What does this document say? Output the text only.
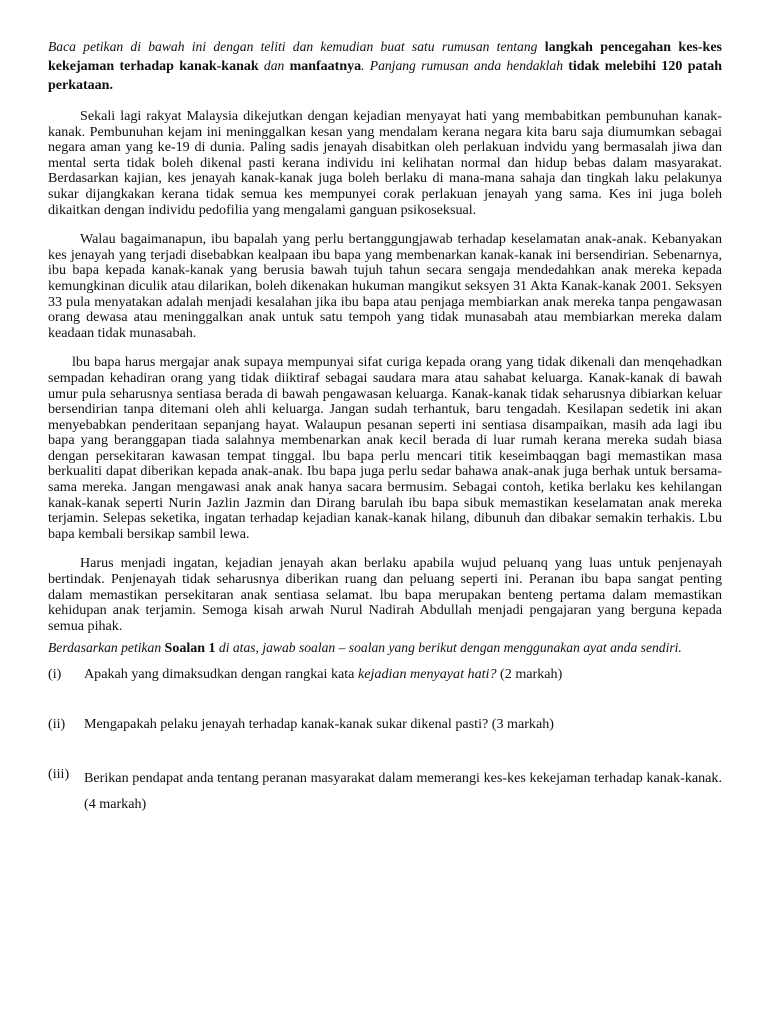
Baca petikan di bawah ini dengan teliti dan kemudian buat satu rumusan tentang langkah pencegahan kes-kes kekejaman terhadap kanak-kanak dan manfaatnya. Panjang rumusan anda hendaklah tidak melebihi 120 patah perkataan.

Sekali lagi rakyat Malaysia dikejutkan dengan kejadian menyayat hati yang membabitkan pembunuhan kanak-kanak. Pembunuhan kejam ini meninggalkan kesan yang mendalam kerana negara kita baru saja diumumkan sebagai negara aman yang ke-19 di dunia. Paling sadis jenayah disabitkan oleh perlakuan indvidu yang bermasalah jiwa dan mental serta tidak boleh dikenal pasti kerana individu ini kelihatan normal dan hidup bebas dalam masyarakat. Berdasarkan kajian, kes jenayah kanak-kanak juga boleh berlaku di mana-mana sahaja dan tingkah laku pelakunya sukar dijangkakan kerana tidak semua kes mempunyei corak perlakuan jenayah yang sama. Kes ini juga boleh dikaitkan dengan individu pedofilia yang mengalami ganguan psikoseksual.

Walau bagaimanapun, ibu bapalah yang perlu bertanggungjawab terhadap keselamatan anak-anak. Kebanyakan kes jenayah yang terjadi disebabkan kealpaan ibu bapa yang membenarkan kanak-kanak ini bersendirian. Sebenarnya, ibu bapa kepada kanak-kanak yang berusia bawah tujuh tahun secara sengaja mendedahkan anak mereka kepada kemungkinan diculik atau dilarikan, boleh dikenakan hukuman mangikut seksyen 31 Akta Kanak-kanak 2001. Seksyen 33 pula menyatakan adalah menjadi kesalahan jika ibu bapa atau penjaga membiarkan anak mereka tanpa pengawasan orang dewasa atau meninggalkan anak untuk satu tempoh yang tidak munasabah atau membiarkan mereka dalam keadaan tidak munasabah.

lbu bapa harus mergajar anak supaya mempunyai sifat curiga kepada orang yang tidak dikenali dan menqehadkan sempadan kehadiran orang yang tidak diiktiraf sebagai saudara mara atau sahabat keluarga. Kanak-kanak di bawah umur pula seharusnya sentiasa berada di bawah pengawasan keluarga. Kanak-kanak tidak seharusnya dibiarkan keluar bersendirian tanpa ditemani oleh ahli keluarga. Jangan sudah terhantuk, baru tengadah. Kesilapan sedetik ini akan menyebabkan penderitaan sepanjang hayat. Walaupun pesanan seperti ini sentiasa disampaikan, masih ada lagi ibu bapa yang beranggapan tiada salahnya membenarkan anak kecil berada di luar rumah kerana mereka sudah biasa dengan persekitaran kawasan tempat tinggal. lbu bapa perlu mencari titik keseimbaqgan bagi memastikan masa berkualiti dapat diberikan kepada anak-anak. Ibu bapa juga perlu sedar bahawa anak-anak juga berhak untuk bersama-sama mereka. Jangan mengawasi anak anak hanya sacara bermusim. Sebagai contoh, ketika berlaku kes kehilangan kanak-kanak seperti Nurin Jazlin Jazmin dan Dirang barulah ibu bapa sibuk memastikan keselamatan anak mereka terjamin. Selepas seketika, ingatan terhadap kejadian kanak-kanak hilang, dibunuh dan dibakar semakin terhakis. Lbu bapa kembali bersikap sambil lewa.

Harus menjadi ingatan, kejadian jenayah akan berlaku apabila wujud peluanq yang luas untuk penjenayah bertindak. Penjenayah tidak seharusnya diberikan ruang dan peluang seperti ini. Peranan ibu bapa sangat penting dalam memastikan persekitaran anak sentiasa selamat. lbu bapa merupakan benteng pertama dalam memastikan kehidupan anak terjamin. Semoga kisah arwah Nurul Nadirah Abdullah menjadi pengajaran yang berguna kepada semua pihak.

Berdasarkan petikan Soalan 1 di atas, jawab soalan – soalan yang berikut dengan menggunakan ayat anda sendiri.

(i)	Apakah yang dimaksudkan dengan rangkai kata kejadian menyayat hati? (2 markah)
(ii)	Mengapakah pelaku jenayah terhadap kanak-kanak sukar dikenal pasti? (3 markah)
(iii)	Berikan pendapat anda tentang peranan masyarakat dalam memerangi kes-kes kekejaman terhadap kanak-kanak. (4 markah)
